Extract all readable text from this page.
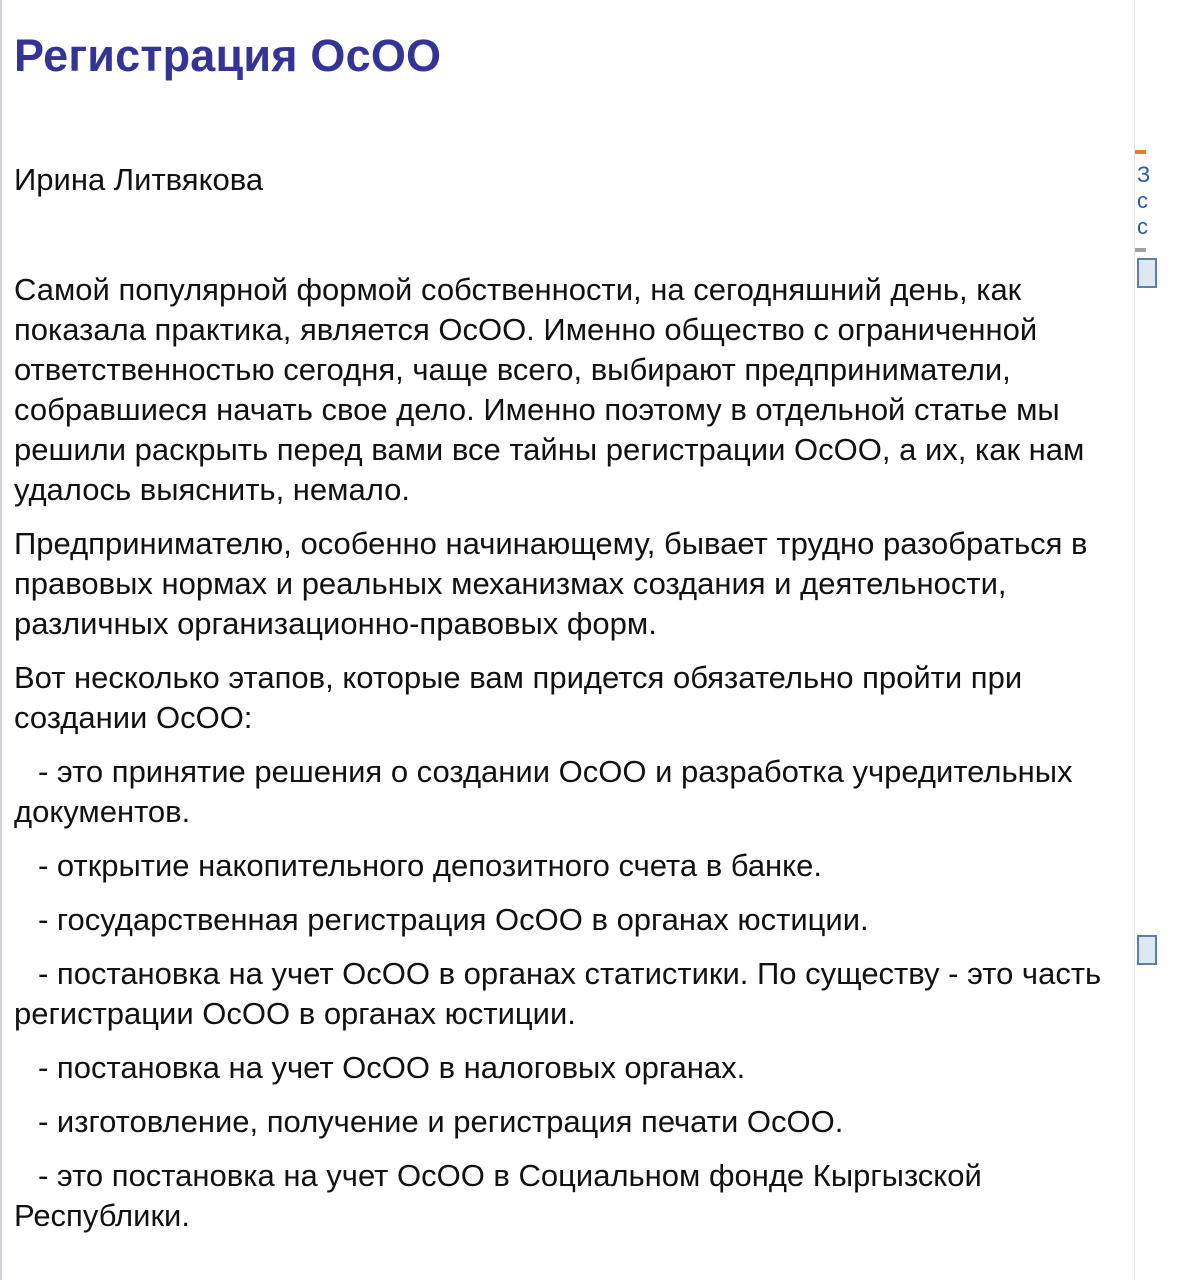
Регистрация ОсОО
Ирина Литвякова

Самой популярной формой собственности, на сегодняшний день, как показала практика, является ОсОО. Именно общество с ограниченной ответственностью сегодня, чаще всего, выбирают предприниматели, собравшиеся начать свое дело. Именно поэтому в отдельной статье мы решили раскрыть перед вами все тайны регистрации ОсОО, а их, как нам удалось выяснить, немало.

Предпринимателю, особенно начинающему, бывает трудно разобраться в правовых нормах и реальных механизмах создания и деятельности, различных организационно-правовых форм.

Вот несколько этапов, которые вам придется обязательно пройти при создании ОсОО:

- это принятие решения о создании ОсОО и разработка учредительных документов.

- открытие накопительного депозитного счета в банке.

- государственная регистрация ОсОО в органах юстиции.

- постановка на учет ОсОО в органах статистики. По существу - это часть регистрации ОсОО в органах юстиции.

- постановка на учет ОсОО в налоговых органах.

- изготовление, получение и регистрация печати ОсОО.

- это постановка на учет ОсОО в Социальном фонде Кыргызской Республики.

З
с
с
